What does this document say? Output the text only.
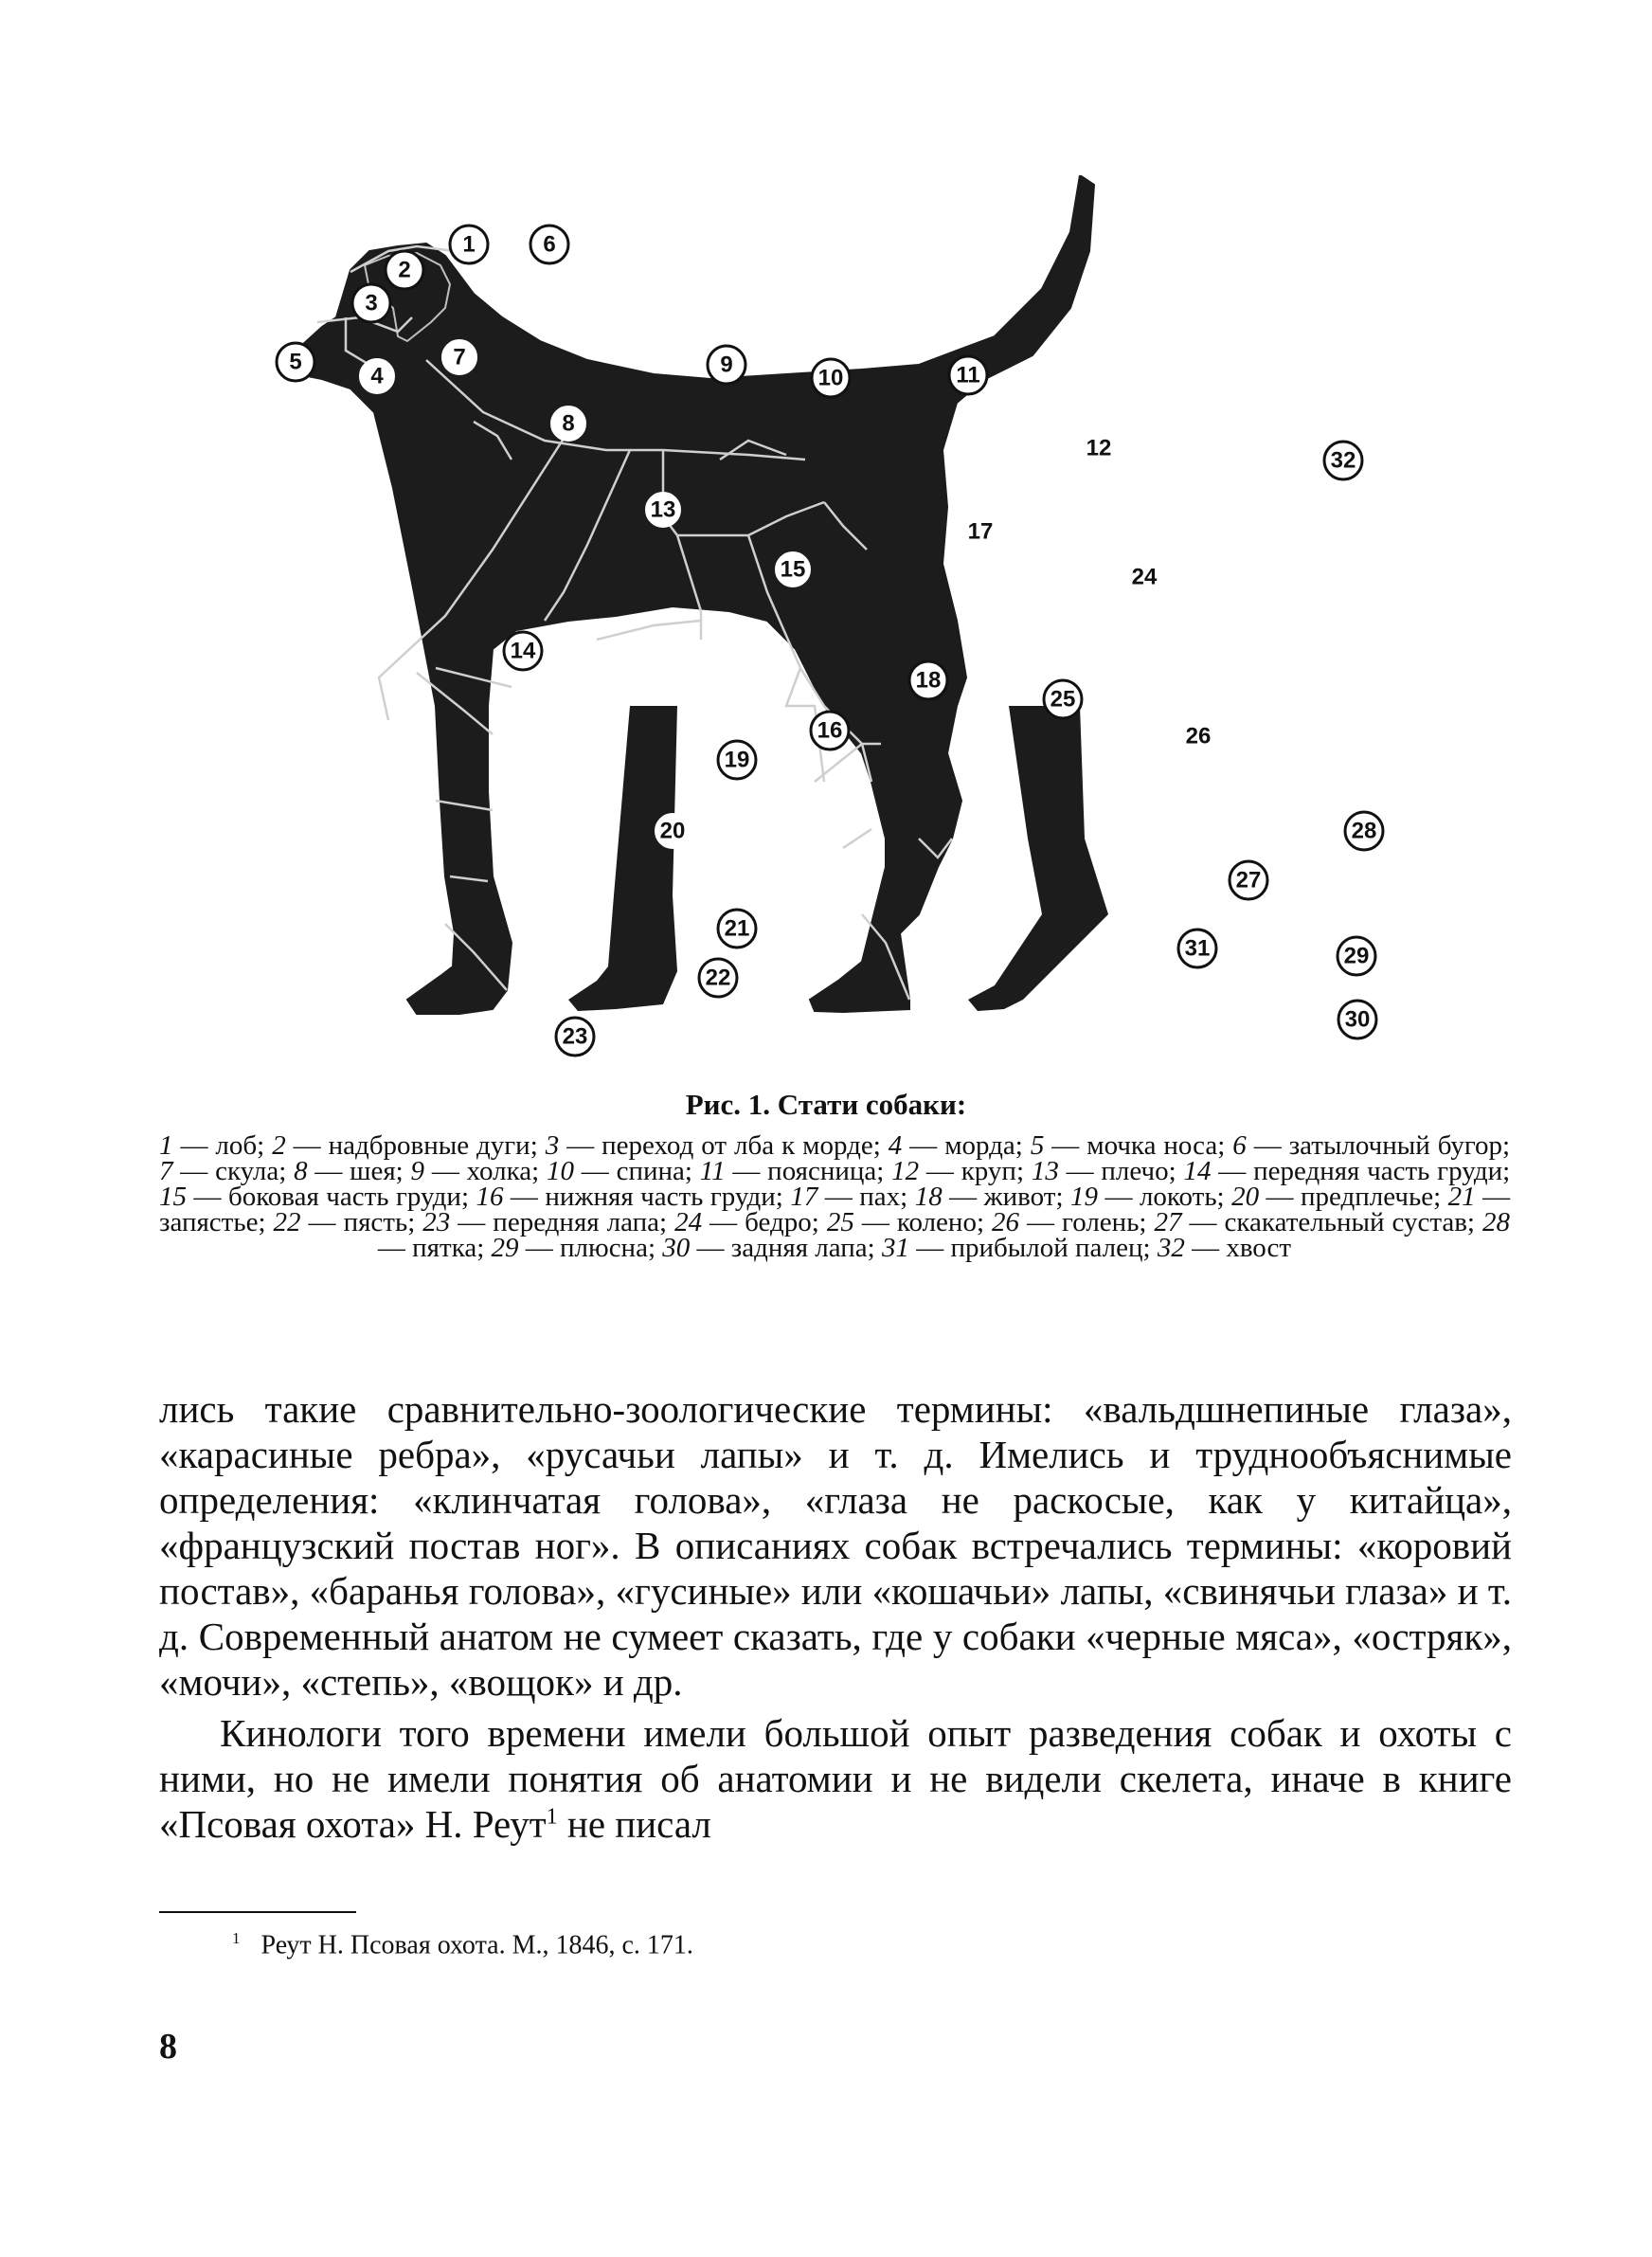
4
7
8
12
13
15
17
20
24
26
1
2
3
5
6
9
10	11
14
16
18
19
21
22
23
25
27
28
29
30
31
32
Рис. 1. Стати собаки:
1 — лоб; 2 — надбровные дуги; 3 — переход от лба к морде; 4 — морда; 5 — мочка носа; 6 — затылочный бугор; 7 — скула; 8 — шея; 9 — холка; 10 — спина; 11 — поясница; 12 — круп; 13 — плечо; 14 — передняя часть груди; 15 — боковая часть груди; 16 — нижняя часть груди; 17 — пах; 18 — живот; 19 — локоть; 20 — предплечье; 21 — запястье; 22 — пясть; 23 — передняя лапа; 24 — бедро; 25 — колено; 26 — голень; 27 — скакательный сустав; 28 — пятка; 29 — плюсна; 30 — задняя лапа; 31 — прибылой палец; 32 — хвост

лись такие сравнительно-зоологические термины: «вальдшнепиные глаза», «карасиные ребра», «русачьи лапы» и т. д. Имелись и труднообъяснимые определения: «клинчатая голова», «глаза не раскосые, как у китайца», «французский постав ног». В описаниях собак встречались термины: «коровий постав», «баранья голова», «гусиные» или «кошачьи» лапы, «свинячьи глаза» и т. д. Современный анатом не сумеет сказать, где у собаки «черные мяса», «остряк», «мочи», «степь», «вощок» и др.

Кинологи того времени имели большой опыт разведения собак и охоты с ними, но не имели понятия об анатомии и не видели скелета, иначе в книге «Псовая охота» Н. Реут$^1$ не писал

$^1$ Реут Н. Псовая охота. М., 1846, с. 171.
8
